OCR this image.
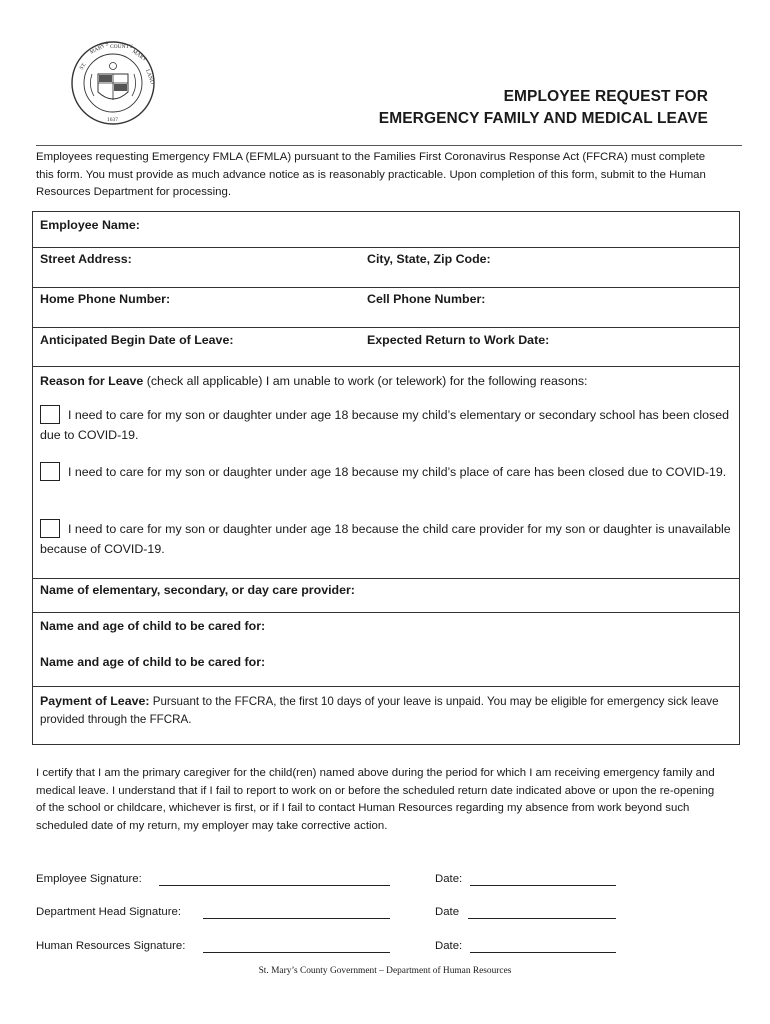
ST.
MARY'S COUNTY
MARY
LAND
1637
EMPLOYEE REQUEST FOR
EMERGENCY FAMILY AND MEDICAL LEAVE
Employees requesting Emergency FMLA (EFMLA) pursuant to the Families First Coronavirus Response Act (FFCRA) must complete this form. You must provide as much advance notice as is reasonably practicable. Upon completion of this form, submit to the Human Resources Department for processing.
Employee Name:
Street Address:	City, State, Zip Code:
Home Phone Number:	Cell Phone Number:
Anticipated Begin Date of Leave:	Expected Return to Work Date:
Reason for Leave (check all applicable) I am unable to work (or telework) for the following reasons:
I need to care for my son or daughter under age 18 because my child’s elementary or secondary school has been closed due to COVID-19.
I need to care for my son or daughter under age 18 because my child’s place of care has been closed due to COVID-19.
I need to care for my son or daughter under age 18 because the child care provider for my son or daughter is unavailable because of COVID-19.
Name of elementary, secondary, or day care provider:
Name and age of child to be cared for:
Name and age of child to be cared for:
Payment of Leave: Pursuant to the FFCRA, the first 10 days of your leave is unpaid. You may be eligible for emergency sick leave provided through the FFCRA.
I certify that I am the primary caregiver for the child(ren) named above during the period for which I am receiving emergency family and medical leave. I understand that if I fail to report to work on or before the scheduled return date indicated above or upon the re-opening of the school or childcare, whichever is first, or if I fail to contact Human Resources regarding my absence from work beyond such scheduled date of my return, my employer may take corrective action.
Employee Signature:	Date:
Department Head Signature:	Date
Human Resources Signature:	Date:
St. Mary’s County Government – Department of Human Resources
